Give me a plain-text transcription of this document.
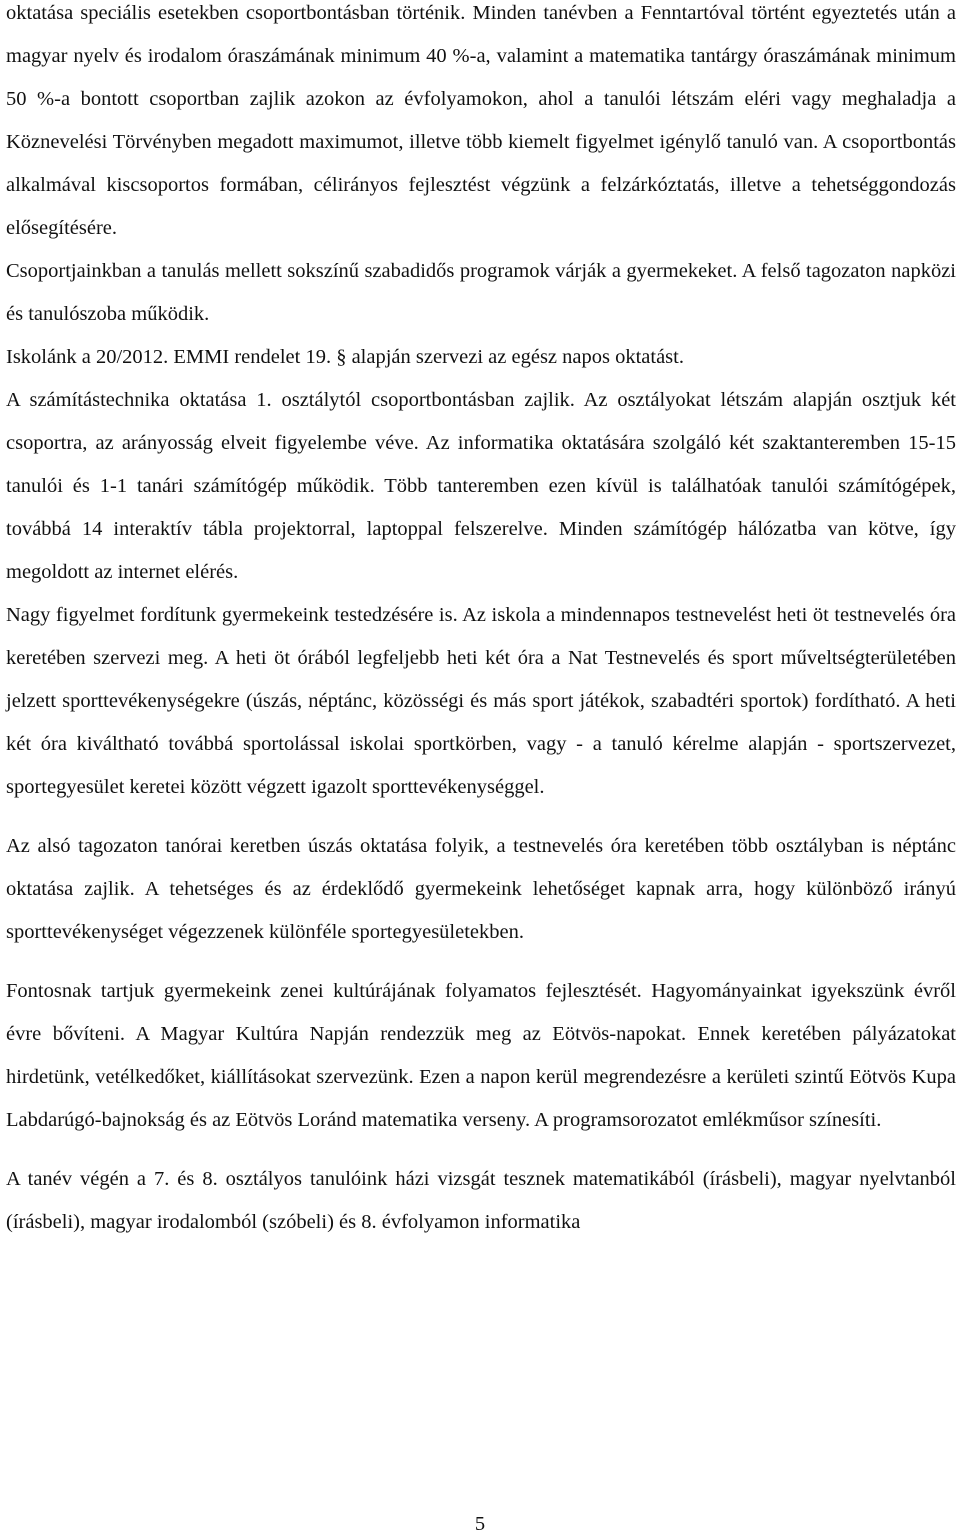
oktatása speciális esetekben csoportbontásban történik. Minden tanévben a Fenntartóval történt egyeztetés után a magyar nyelv és irodalom óraszámának minimum 40 %-a, valamint a matematika tantárgy óraszámának minimum 50 %-a bontott csoportban zajlik azokon az évfolyamokon, ahol a tanulói létszám eléri vagy meghaladja a Köznevelési Törvényben megadott maximumot, illetve több kiemelt figyelmet igénylő tanuló van. A csoportbontás alkalmával kiscsoportos formában, célirányos fejlesztést végzünk a felzárkóztatás, illetve a tehetséggondozás elősegítésére.

Csoportjainkban a tanulás mellett sokszínű szabadidős programok várják a gyermekeket. A felső tagozaton napközi és tanulószoba működik.

Iskolánk a 20/2012. EMMI rendelet 19. § alapján szervezi az egész napos oktatást.

A számítástechnika oktatása 1. osztálytól csoportbontásban zajlik. Az osztályokat létszám alapján osztjuk két csoportra, az arányosság elveit figyelembe véve. Az informatika oktatására szolgáló két szaktanteremben 15-15 tanulói és 1-1 tanári számítógép működik. Több tanteremben ezen kívül is találhatóak tanulói számítógépek, továbbá 14 interaktív tábla projektorral, laptoppal felszerelve. Minden számítógép hálózatba van kötve, így megoldott az internet elérés.

Nagy figyelmet fordítunk gyermekeink testedzésére is. Az iskola a mindennapos testnevelést heti öt testnevelés óra keretében szervezi meg. A heti öt órából legfeljebb heti két óra a Nat Testnevelés és sport műveltségterületében jelzett sporttevékenységekre (úszás, néptánc, közösségi és más sport játékok, szabadtéri sportok) fordítható. A heti két óra kiváltható továbbá sportolással iskolai sportkörben, vagy - a tanuló kérelme alapján - sportszervezet, sportegyesület keretei között végzett igazolt sporttevékenységgel.

Az alsó tagozaton tanórai keretben úszás oktatása folyik, a testnevelés óra keretében több osztályban is néptánc oktatása zajlik. A tehetséges és az érdeklődő gyermekeink lehetőséget kapnak arra, hogy különböző irányú sporttevékenységet végezzenek különféle sportegyesületekben.

Fontosnak tartjuk gyermekeink zenei kultúrájának folyamatos fejlesztését. Hagyományainkat igyekszünk évről évre bővíteni. A Magyar Kultúra Napján rendezzük meg az Eötvös-napokat. Ennek keretében pályázatokat hirdetünk, vetélkedőket, kiállításokat szervezünk. Ezen a napon kerül megrendezésre a kerületi szintű Eötvös Kupa Labdarúgó-bajnokság és az Eötvös Loránd matematika verseny. A programsorozatot emlékműsor színesíti.

A tanév végén a 7. és 8. osztályos tanulóink házi vizsgát tesznek matematikából (írásbeli), magyar nyelvtanból (írásbeli), magyar irodalomból (szóbeli) és 8. évfolyamon informatika

5
